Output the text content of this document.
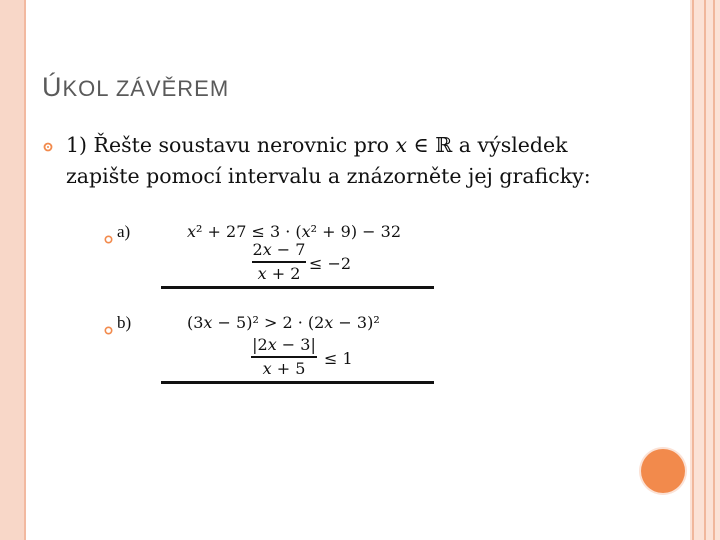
ÚKOL ZÁVĚREM
1) Řešte soustavu nerovnic pro 𝑥 ∈ ℝ a výsledek zapište pomocí intervalu a znázorněte jej graficky:
a)	𝑥² + 27 ≤ 3 · (𝑥² + 9) − 32
2𝑥 − 7
𝑥 + 2 ≤ −2
b)	(3𝑥 − 5)² > 2 · (2𝑥 − 3)²
|2𝑥 − 3|
𝑥 + 5	≤ 1
